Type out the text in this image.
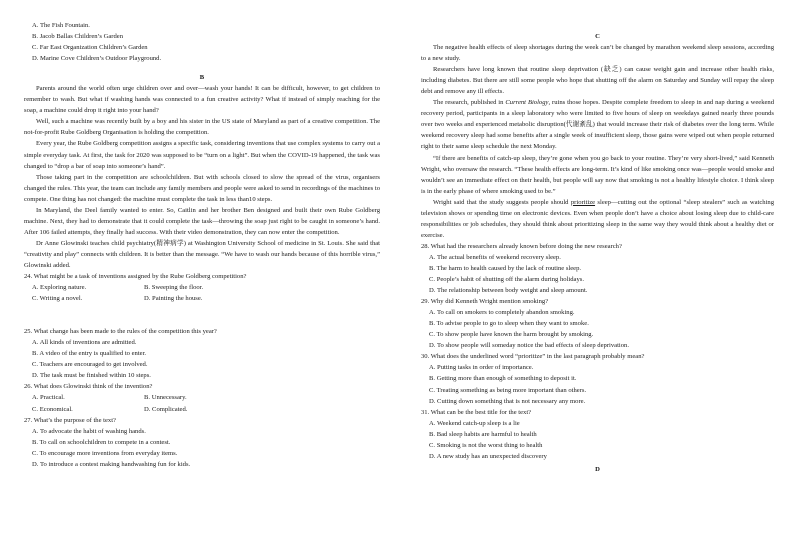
A. The Fish Fountain.

B. Jacob Ballas Children’s Garden

C. Far East Organization Children’s Garden

D. Marine Cove Children’s Outdoor Playground.

B

Parents around the world often urge children over and over—wash your hands! It can be difficult, however, to get children to remember to wash. But what if washing hands was connected to a fun creative activity? What if instead of simply reaching for the soap, a machine could drop it right into your hand?

Well, such a machine was recently built by a boy and his sister in the US state of Maryland as part of a creative competition. The not-for-profit Rube Goldberg Organisation is holding the competition.

Every year, the Rube Goldberg competition assigns a specific task, considering inventions that use complex systems to carry out a simple everyday task. At first, the task for 2020 was supposed to be “turn on a light”. But when the COVID-19 happened, the task was changed to “drop a bar of soap into someone’s hand”.

Those taking part in the competition are schoolchildren. But with schools closed to slow the spread of the virus, organisers changed the rules. This year, the team can include any family members and people were asked to send in recordings of the machines to compete. One thing has not changed: the machine must complete the task in less than10 steps.

In Maryland, the Deel family wanted to enter. So, Caitlin and her brother Ben designed and built their own Rube Goldberg machine. Next, they had to demonstrate that it could complete the task—throwing the soap just right to be caught in someone’s hand. After 106 failed attempts, they finally had success. With their video demonstration, they can now enter the competition.

Dr Anne Glowinski teaches child psychiatry(精神病学) at Washington University School of medicine in St. Louis. She said that “creativity and play” connects with children. It is better than the message. “We have to wash our hands because of this horrible virus,” Glowinski added.

24. What might be a task of inventions assigned by the Rube Goldberg competition?

A. Exploring nature.	B. Sweeping the floor.
C. Writing a novel.	D. Painting the house.

25. What change has been made to the rules of the competition this year?

A. All kinds of inventions are admitted.

B. A video of the entry is qualified to enter.

C. Teachers are encouraged to get involved.

D. The task must be finished within 10 steps.

26. What does Glowinski think of the invention?

A. Practical.	B. Unnecessary.
C. Economical.	D. Complicated.

27. What’s the purpose of the text?

A. To advocate the habit of washing hands.

B. To call on schoolchildren to compete in a contest.

C. To encourage more inventions from everyday items.

D. To introduce a contest making handwashing fun for kids.

C

The negative health effects of sleep shortages during the week can’t be changed by marathon weekend sleep sessions, according to a new study.

Researchers have long known that routine sleep deprivation (缺乏) can cause weight gain and increase other health risks, including diabetes. But there are still some people who hope that shutting off the alarm on Saturday and Sunday will repay the sleep debt and remove any ill effects.

The research, published in Current Biology, ruins those hopes. Despite complete freedom to sleep in and nap during a weekend recovery period, participants in a sleep laboratory who were limited to five hours of sleep on weekdays gained nearly three pounds over two weeks and experienced metabolic disruption(代谢紊乱) that would increase their risk of diabetes over the long term. While weekend recovery sleep had some benefits after a single week of insufficient sleep, those gains were wiped out when people returned right to their same sleep schedule the next Monday.

“If there are benefits of catch-up sleep, they’re gone when you go back to your routine. They’re very short-lived,” said Kenneth Wright, who oversaw the research. “These health effects are long-term. It’s kind of like smoking once was—people would smoke and wouldn’t see an immediate effect on their health, but people will say now that smoking is not a healthy lifestyle choice. I think sleep is in the early phase of where smoking used to be.”

Wright said that the study suggests people should prioritize sleep—cutting out the optional “sleep stealers” such as watching television shows or spending time on electronic devices. Even when people don’t have a choice about losing sleep due to child-care responsibilities or job schedules, they should think about prioritizing sleep in the same way they would think about a healthy diet or exercise.

28. What had the researchers already known before doing the new research?

A. The actual benefits of weekend recovery sleep.

B. The harm to health caused by the lack of routine sleep.

C. People’s habit of shutting off the alarm during holidays.

D. The relationship between body weight and sleep amount.

29. Why did Kenneth Wright mention smoking?

A. To call on smokers to completely abandon smoking.

B. To advise people to go to sleep when they want to smoke.

C. To show people have known the harm brought by smoking.

D. To show people will someday notice the bad effects of sleep deprivation.

30. What does the underlined word “prioritize” in the last paragraph probably mean?

A. Putting tasks in order of importance.

B. Getting more than enough of something to deposit it.

C. Treating something as being more important than others.

D. Cutting down something that is not necessary any more.

31. What can be the best title for the text?

A. Weekend catch-up sleep is a lie

B. Bad sleep habits are harmful to health

C. Smoking is not the worst thing to health

D. A new study has an unexpected discovery

D
